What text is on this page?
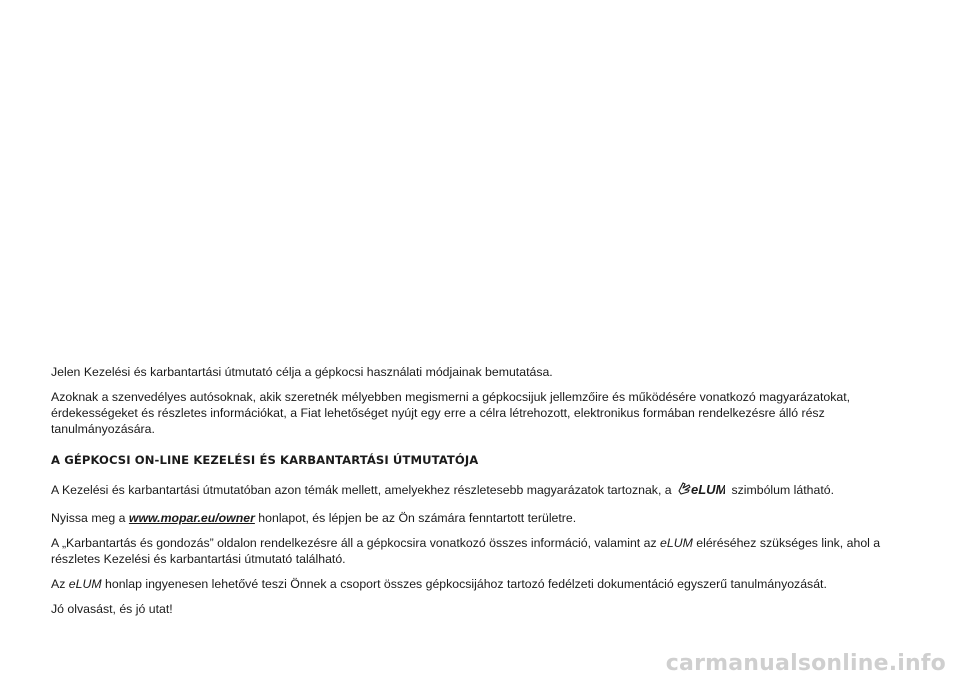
Jelen Kezelési és karbantartási útmutató célja a gépkocsi használati módjainak bemutatása.

Azoknak a szenvedélyes autósoknak, akik szeretnék mélyebben megismerni a gépkocsijuk jellemzőire és működésére vonatkozó magyarázatokat, érdekességeket és részletes információkat, a Fiat lehetőséget nyújt egy erre a célra létrehozott, elektronikus formában rendelkezésre álló rész tanulmányozására.

A GÉPKOCSI ON-LINE KEZELÉSI ÉS KARBANTARTÁSI ÚTMUTATÓJA

A Kezelési és karbantartási útmutatóban azon témák mellett, amelyekhez részletesebb magyarázatok tartoznak, a eLUM szimbólum látható.

Nyissa meg a www.mopar.eu/owner honlapot, és lépjen be az Ön számára fenntartott területre.

A „Karbantartás és gondozás” oldalon rendelkezésre áll a gépkocsira vonatkozó összes információ, valamint az eLUM eléréséhez szükséges link, ahol a részletes Kezelési és karbantartási útmutató található.

Az eLUM honlap ingyenesen lehetővé teszi Önnek a csoport összes gépkocsijához tartozó fedélzeti dokumentáció egyszerű tanulmányozását.

Jó olvasást, és jó utat!

carmanualsonline.info
